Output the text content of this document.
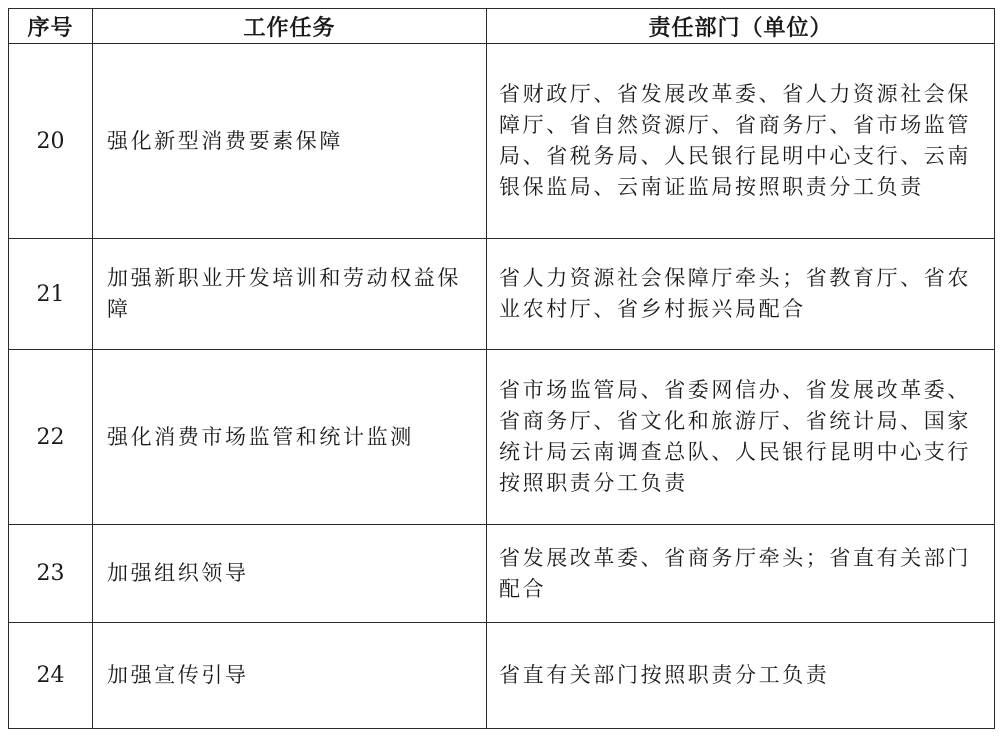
序号	工作任务	责任部门（单位）
20	强化新型消费要素保障	省财政厅、省发展改革委、省人力资源社会保障厅、省自然资源厅、省商务厅、省市场监管局、省税务局、人民银行昆明中心支行、云南银保监局、云南证监局按照职责分工负责
21	加强新职业开发培训和劳动权益保障	省人力资源社会保障厅牵头；省教育厅、省农业农村厅、省乡村振兴局配合
22	强化消费市场监管和统计监测	省市场监管局、省委网信办、省发展改革委、省商务厅、省文化和旅游厅、省统计局、国家统计局云南调查总队、人民银行昆明中心支行按照职责分工负责
23	加强组织领导	省发展改革委、省商务厅牵头；省直有关部门配合
24	加强宣传引导	省直有关部门按照职责分工负责
